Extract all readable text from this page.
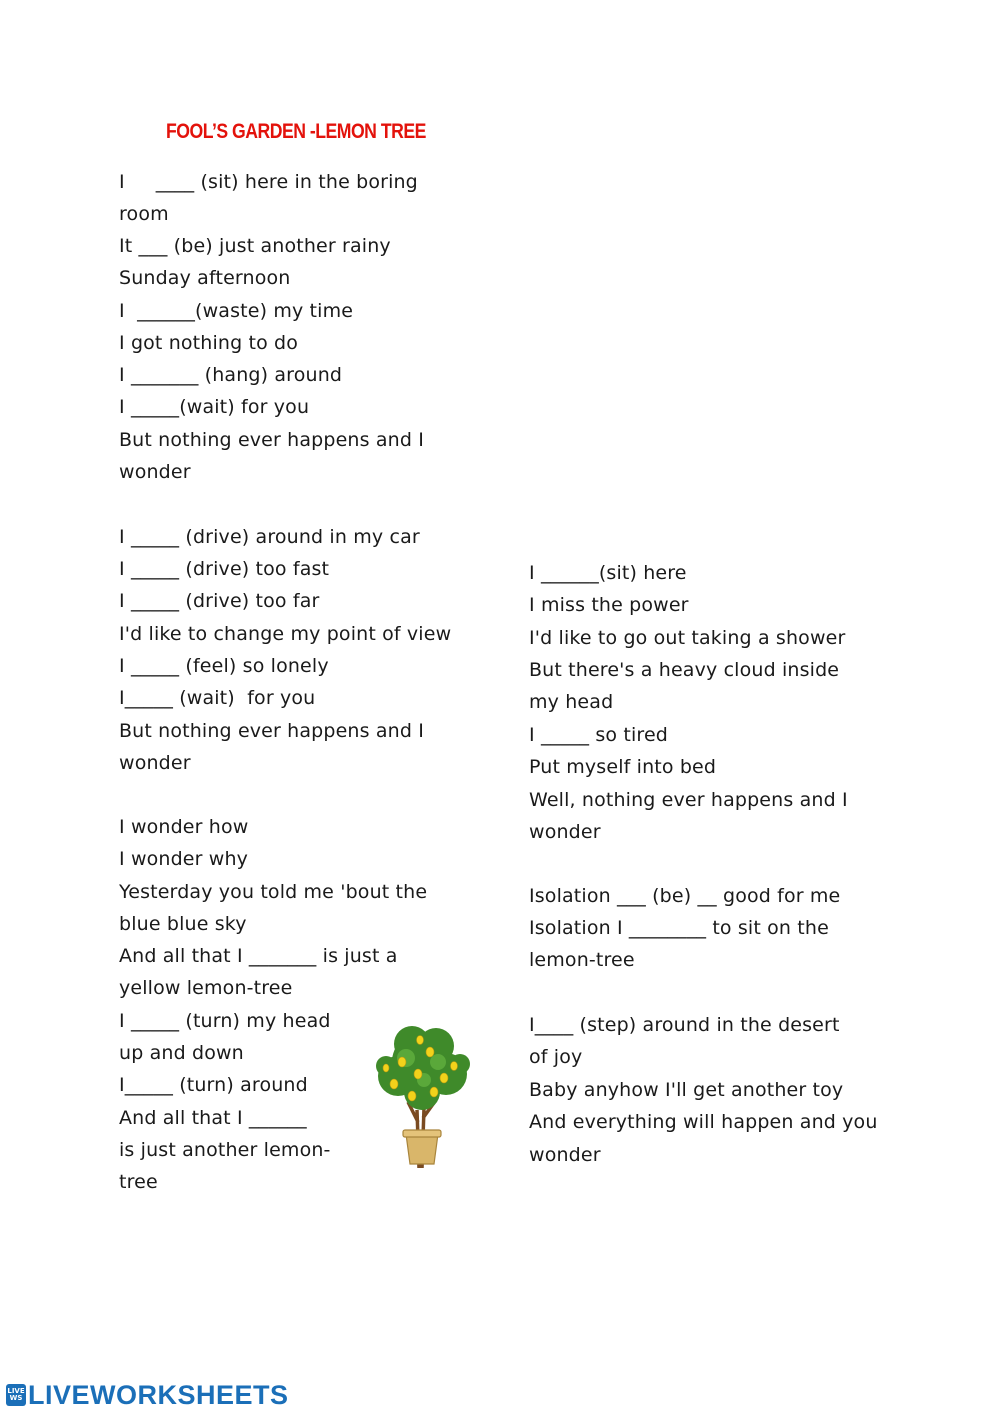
FOOL’S GARDEN -LEMON TREE
I     ____ (sit) here in the boring
room
It ___ (be) just another rainy
Sunday afternoon
I  ______(waste) my time
I got nothing to do
I _______ (hang) around
I _____(wait) for you
But nothing ever happens and I
wonder
I _____ (drive) around in my car
I _____ (drive) too fast
I _____ (drive) too far
I'd like to change my point of view
I _____ (feel) so lonely
I_____ (wait)  for you
But nothing ever happens and I
wonder
I wonder how
I wonder why
Yesterday you told me 'bout the
blue blue sky
And all that I _______ is just a
yellow lemon-tree
I _____ (turn) my head
up and down
I_____ (turn) around
And all that I ______
is just another lemon-
tree
I ______(sit) here
I miss the power
I'd like to go out taking a shower
But there's a heavy cloud inside
my head
I _____ so tired
Put myself into bed
Well, nothing ever happens and I
wonder
Isolation ___ (be) __ good for me
Isolation I ________ to sit on the
lemon-tree
I____ (step) around in the desert
of joy
Baby anyhow I'll get another toy
And everything will happen and you
wonder
LIVE
WS LIVEWORKSHEETS
